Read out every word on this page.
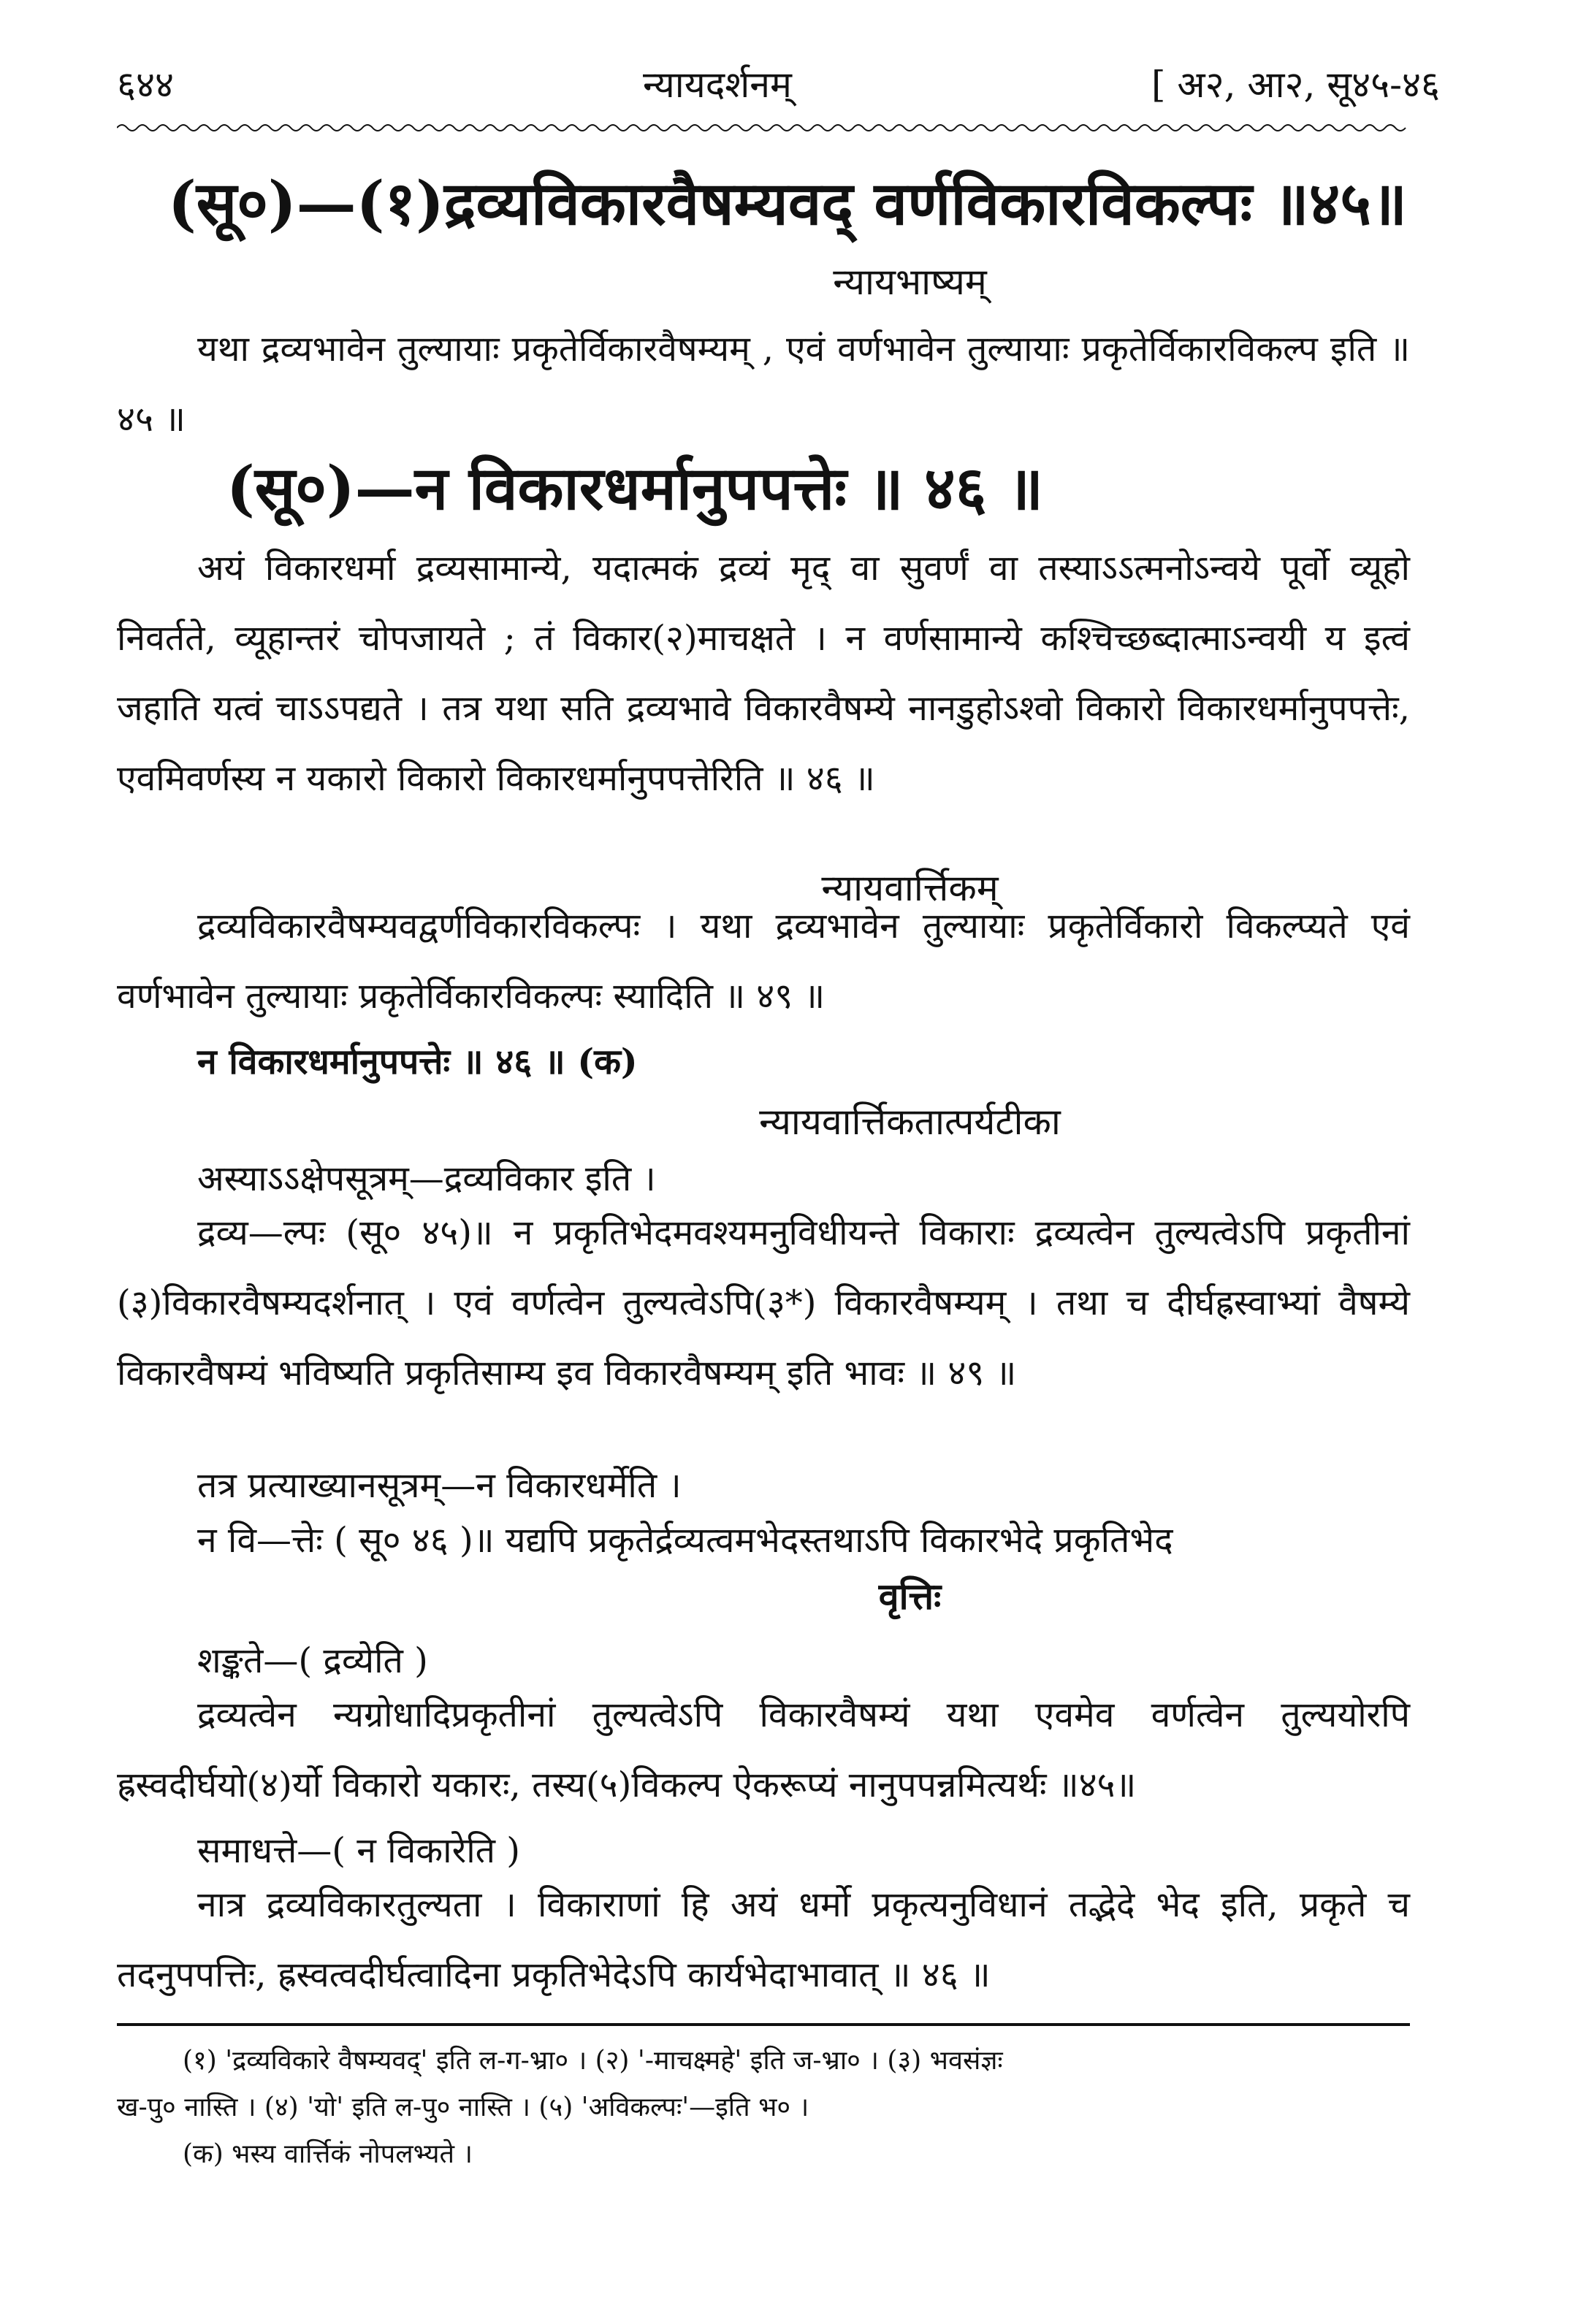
६४४	न्यायदर्शनम्	[ अ२, आ२, सू४५-४६
(सू०)—(१)द्रव्यविकारवैषम्यवद् वर्णविकारविकल्पः ॥४५॥
न्यायभाष्यम्

यथा द्रव्यभावेन तुल्यायाः प्रकृतेर्विकारवैषम्यम् , एवं वर्णभावेन तुल्यायाः प्रकृतेर्विकारविकल्प इति ॥ ४५ ॥

(सू०)—न विकारधर्मानुपपत्तेः ॥ ४६ ॥

अयं विकारधर्मा द्रव्यसामान्ये, यदात्मकं द्रव्यं मृद् वा सुवर्णं वा तस्याऽऽत्मनोऽन्वये पूर्वो व्यूहो निवर्तते, व्यूहान्तरं चोपजायते ; तं विकार(२)माचक्षते । न वर्णसामान्ये कश्चिच्छब्दात्माऽन्वयी य इत्वं जहाति यत्वं चाऽऽपद्यते । तत्र यथा सति द्रव्यभावे विकारवैषम्ये नानडुहोऽश्वो विकारो विकारधर्मानुपपत्तेः, एवमिवर्णस्य न यकारो विकारो विकारधर्मानुपपत्तेरिति ॥ ४६ ॥

न्यायवार्त्तिकम्

द्रव्यविकारवैषम्यवद्वर्णविकारविकल्पः । यथा द्रव्यभावेन तुल्यायाः प्रकृतेर्विकारो विकल्प्यते एवं वर्णभावेन तुल्यायाः प्रकृतेर्विकारविकल्पः स्यादिति ॥ ४९ ॥

न विकारधर्मानुपपत्तेः ॥ ४६ ॥ (क)
न्यायवार्त्तिकतात्पर्यटीका
अस्याऽऽक्षेपसूत्रम्—द्रव्यविकार इति ।

द्रव्य—ल्पः (सू० ४५)॥ न प्रकृतिभेदमवश्यमनुविधीयन्ते विकाराः द्रव्यत्वेन तुल्यत्वेऽपि प्रकृतीनां (३)विकारवैषम्यदर्शनात् । एवं वर्णत्वेन तुल्यत्वेऽपि(३*) विकारवैषम्यम् । तथा च दीर्घह्रस्वाभ्यां वैषम्ये विकारवैषम्यं भविष्यति प्रकृतिसाम्य इव विकारवैषम्यम् इति भावः ॥ ४९ ॥

तत्र प्रत्याख्यानसूत्रम्—न विकारधर्मेति ।
न वि—त्तेः ( सू० ४६ )॥ यद्यपि प्रकृतेर्द्रव्यत्वमभेदस्तथाऽपि विकारभेदे प्रकृतिभेद
वृत्तिः
शङ्कते—( द्रव्येति )

द्रव्यत्वेन न्यग्रोधादिप्रकृतीनां तुल्यत्वेऽपि विकारवैषम्यं यथा एवमेव वर्णत्वेन तुल्ययोरपि ह्रस्वदीर्घयो(४)र्यो विकारो यकारः, तस्य(५)विकल्प ऐकरूप्यं नानुपपन्नमित्यर्थः ॥४५॥

समाधत्ते—( न विकारेति )

नात्र द्रव्यविकारतुल्यता । विकाराणां हि अयं धर्मो प्रकृत्यनुविधानं तद्भेदे भेद इति, प्रकृते च तदनुपपत्तिः, ह्रस्वत्वदीर्घत्वादिना प्रकृतिभेदेऽपि कार्यभेदाभावात् ॥ ४६ ॥

(१) 'द्रव्यविकारे वैषम्यवद्' इति ल-ग-भ्रा० । (२) '-माचक्ष्महे' इति ज-भ्रा० । (३) भवसंज्ञः

ख-पु० नास्ति । (४) 'यो' इति ल-पु० नास्ति । (५) 'अविकल्पः'—इति भ० ।

(क) भस्य वार्त्तिकं नोपलभ्यते ।
